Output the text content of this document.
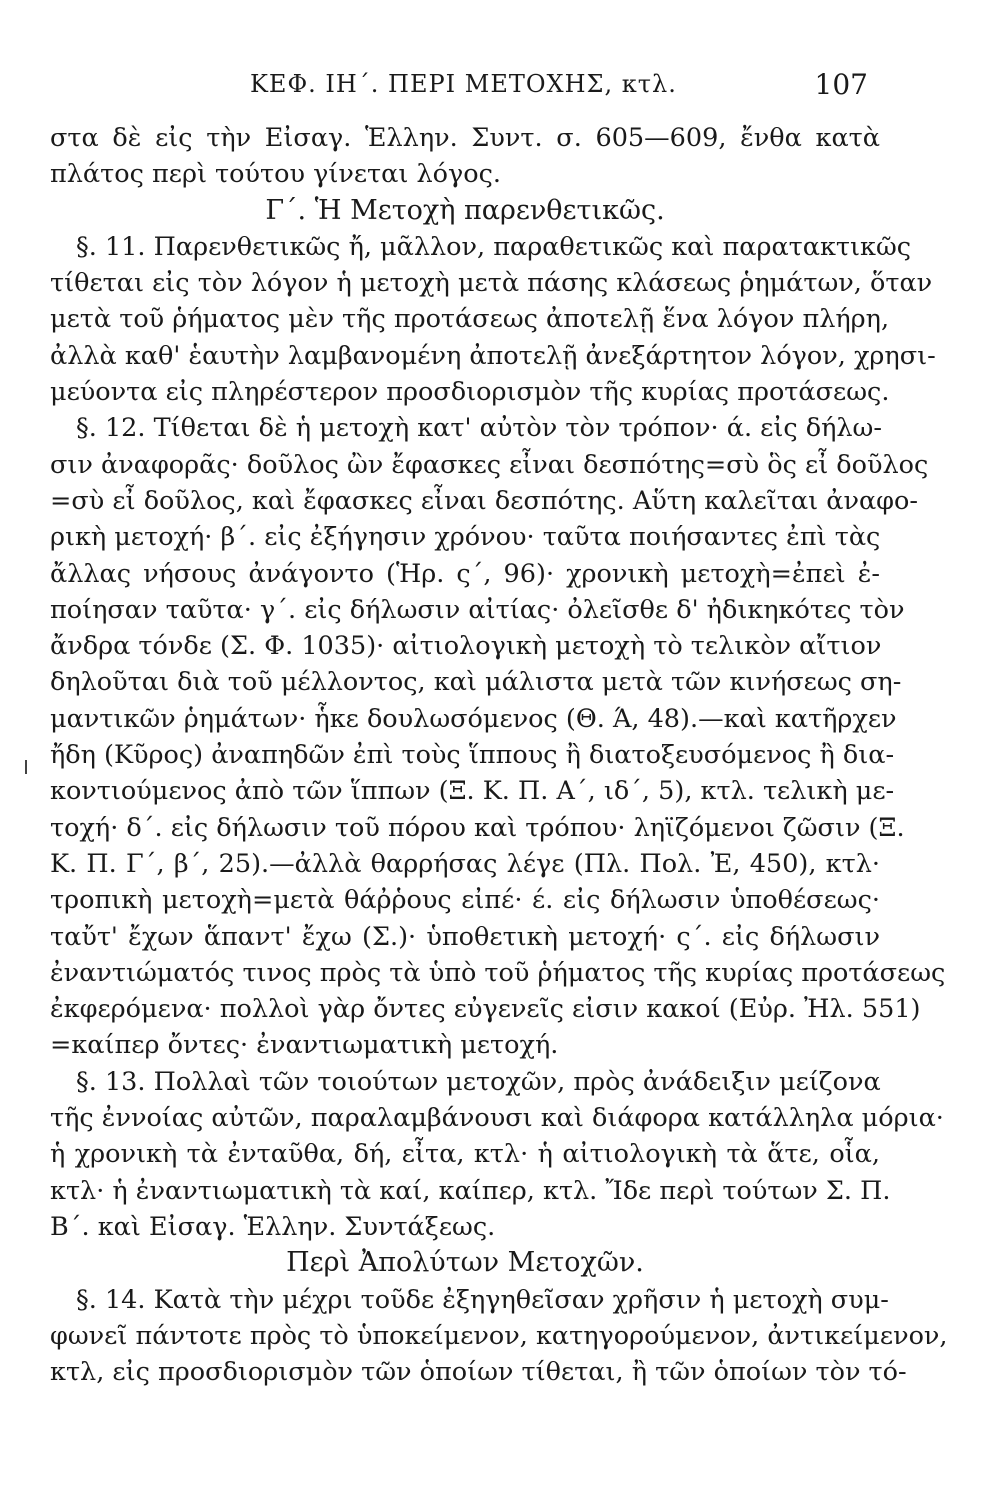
ΚΕΦ. ΙΗ΄. ΠΕΡΙ ΜΕΤΟΧΗΣ, κτλ.	107
στα δὲ εἰς τὴν Εἰσαγ. Ἑλλην. Συντ. σ. 605—609, ἔνθα κατὰ
πλάτος περὶ τούτου γίνεται λόγος.
Γ΄. Ἡ Μετοχὴ παρενθετικῶς.
§. 11. Παρενθετικῶς ἤ, μᾶλλον, παραθετικῶς καὶ παρατακτικῶς
τίθεται εἰς τὸν λόγον ἡ μετοχὴ μετὰ πάσης κλάσεως ῥημάτων, ὅταν
μετὰ τοῦ ῥήματος μὲν τῆς προτάσεως ἀποτελῇ ἕνα λόγον πλήρη,
ἀλλὰ καθ' ἑαυτὴν λαμβανομένη ἀποτελῇ ἀνεξάρτητον λόγον, χρησι-
μεύοντα εἰς πληρέστερον προσδιορισμὸν τῆς κυρίας προτάσεως.
§. 12. Τίθεται δὲ ἡ μετοχὴ κατ' αὐτὸν τὸν τρόπον· ά. εἰς δήλω-
σιν ἀναφορᾶς· δοῦλος ὢν ἔφασκες εἶναι δεσπότης=σὺ ὃς εἶ δοῦλος
=σὺ εἶ δοῦλος, καὶ ἔφασκες εἶναι δεσπότης. Αὕτη καλεῖται ἀναφο-
ρικὴ μετοχή· β΄. εἰς ἐξήγησιν χρόνου· ταῦτα ποιήσαντες ἐπὶ τὰς
ἄλλας νήσους ἀνάγοντο (Ἡρ. ς΄, 96)· χρονικὴ μετοχὴ=ἐπεὶ ἐ-
ποίησαν ταῦτα· γ΄. εἰς δήλωσιν αἰτίας· ὀλεῖσθε δ' ἠδικηκότες τὸν
ἄνδρα τόνδε (Σ. Φ. 1035)· αἰτιολογικὴ μετοχὴ τὸ τελικὸν αἴτιον
δηλοῦται διὰ τοῦ μέλλοντος, καὶ μάλιστα μετὰ τῶν κινήσεως ση-
μαντικῶν ῥημάτων· ἧκε δουλωσόμενος (Θ. Ά, 48).—καὶ κατῆρχεν
ἤδη (Κῦρος) ἀναπηδῶν ἐπὶ τοὺς ἵππους ἢ διατοξευσόμενος ἢ δια-
κοντιούμενος ἀπὸ τῶν ἵππων (Ξ. Κ. Π. Α΄, ιδ΄, 5), κτλ. τελικὴ με-
τοχή· δ΄. εἰς δήλωσιν τοῦ πόρου καὶ τρόπου· ληϊζόμενοι ζῶσιν (Ξ.
Κ. Π. Γ΄, β΄, 25).—ἀλλὰ θαρρήσας λέγε (Πλ. Πολ. Ἐ, 450), κτλ·
τροπικὴ μετοχὴ=μετὰ θάῤῥους εἰπέ· έ. εἰς δήλωσιν ὑποθέσεως·
ταὔτ' ἔχων ἅπαντ' ἔχω (Σ.)· ὑποθετικὴ μετοχή· ς΄. εἰς δήλωσιν
ἐναντιώματός τινος πρὸς τὰ ὑπὸ τοῦ ῥήματος τῆς κυρίας προτάσεως
ἐκφερόμενα· πολλοὶ γὰρ ὄντες εὐγενεῖς εἰσιν κακοί (Εὐρ. Ἠλ. 551)
=καίπερ ὄντες· ἐναντιωματικὴ μετοχή.
§. 13. Πολλαὶ τῶν τοιούτων μετοχῶν, πρὸς ἀνάδειξιν μείζονα
τῆς ἐννοίας αὐτῶν, παραλαμβάνουσι καὶ διάφορα κατάλληλα μόρια·
ἡ χρονικὴ τὰ ἐνταῦθα, δή, εἶτα, κτλ· ἡ αἰτιολογικὴ τὰ ἅτε, οἷα,
κτλ· ἡ ἐναντιωματικὴ τὰ καί, καίπερ, κτλ. Ἴδε περὶ τούτων Σ. Π.
Β΄. καὶ Εἰσαγ. Ἑλλην. Συντάξεως.
Περὶ Ἀπολύτων Μετοχῶν.
§. 14. Κατὰ τὴν μέχρι τοῦδε ἐξηγηθεῖσαν χρῆσιν ἡ μετοχὴ συμ-
φωνεῖ πάντοτε πρὸς τὸ ὑποκείμενον, κατηγορούμενον, ἀντικείμενον,
κτλ, εἰς προσδιορισμὸν τῶν ὁποίων τίθεται, ἢ τῶν ὁποίων τὸν τό-
